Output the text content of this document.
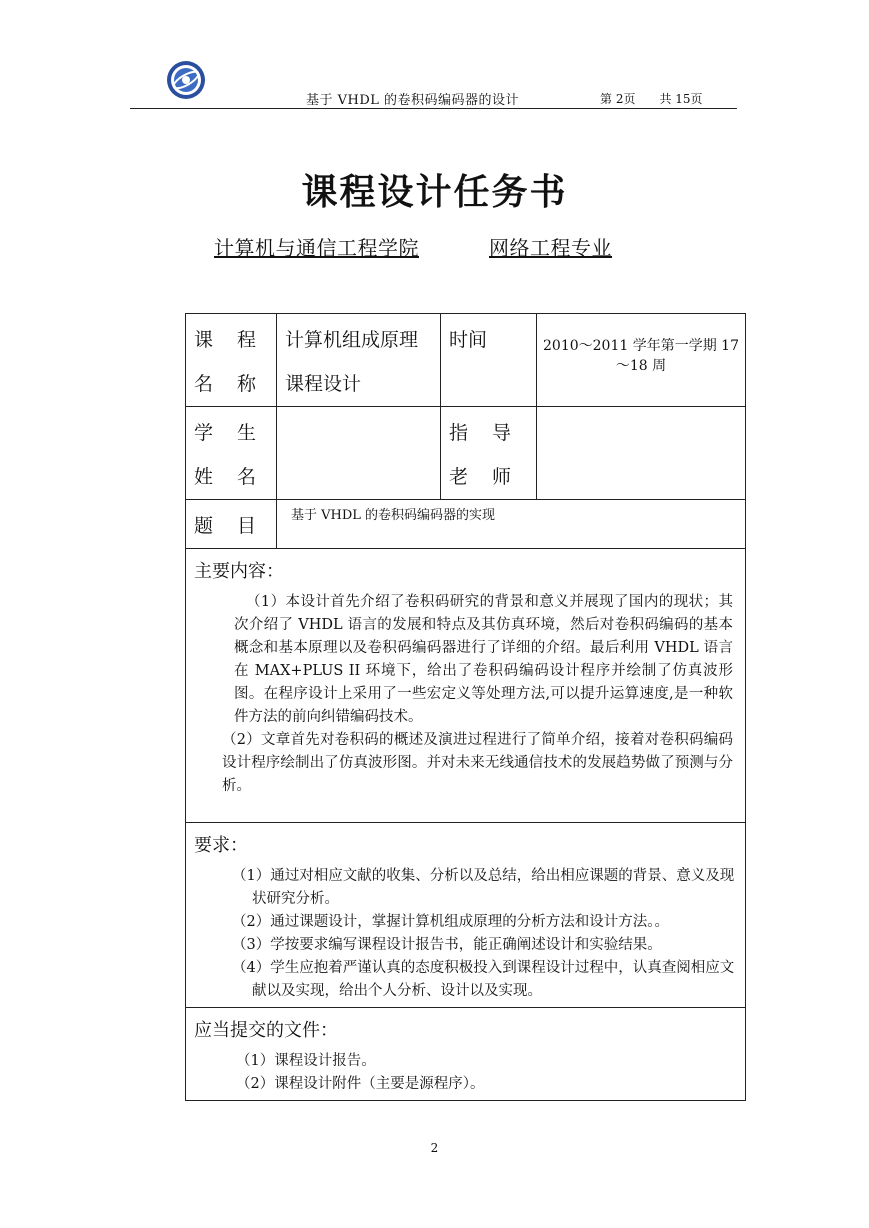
基于 VHDL 的卷积码编码器的设计	第 2页 共 15页
课程设计任务书
计算机与通信工程学院	网络工程专业
课 程 名 称	计算机组成原理课程设计	时间	2010～2011 学年第一学期 17～18 周
学 生 姓 名		指 导 老 师	
题 目	基于 VHDL 的卷积码编码器的实现		

主要内容：
（1）本设计首先介绍了卷积码研究的背景和意义并展现了国内的现状；其次介绍了 VHDL 语言的发展和特点及其仿真环境，然后对卷积码编码的基本概念和基本原理以及卷积码编码器进行了详细的介绍。最后利用 VHDL 语言在 MAX+PLUS II 环境下，给出了卷积码编码设计程序并绘制了仿真波形图。在程序设计上采用了一些宏定义等处理方法,可以提升运算速度,是一种软件方法的前向纠错编码技术。
（2）文章首先对卷积码的概述及演进过程进行了简单介绍，接着对卷积码编码设计程序绘制出了仿真波形图。并对未来无线通信技术的发展趋势做了预测与分析。			

要求：
（1）通过对相应文献的收集、分析以及总结，给出相应课题的背景、意义及现状研究分析。
（2）通过课题设计，掌握计算机组成原理的分析方法和设计方法。。
（3）学按要求编写课程设计报告书，能正确阐述设计和实验结果。
（4）学生应抱着严谨认真的态度积极投入到课程设计过程中，认真查阅相应文献以及实现，给出个人分析、设计以及实现。			

应当提交的文件：
（1）课程设计报告。
（2）课程设计附件（主要是源程序）。			
2
